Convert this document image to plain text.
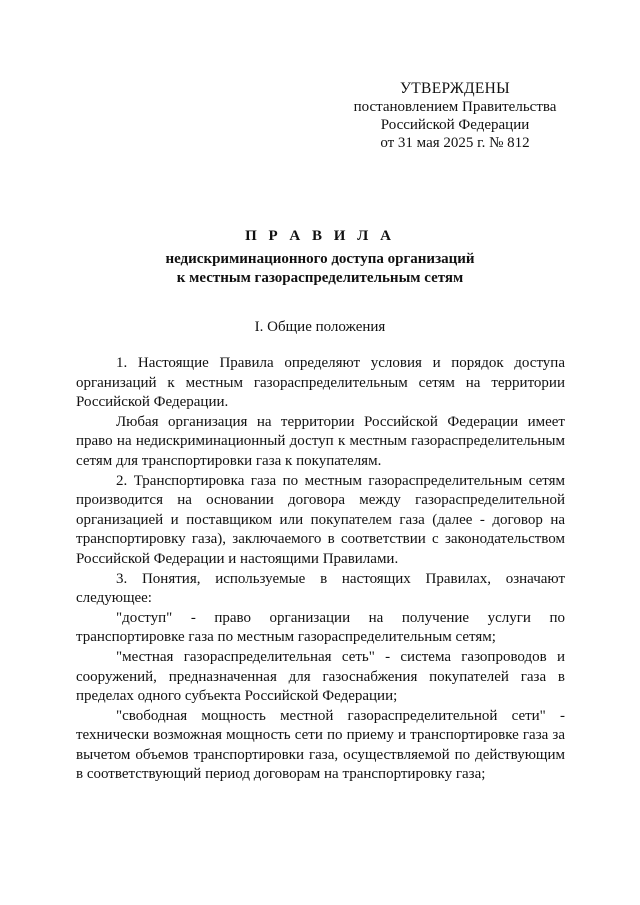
УТВЕРЖДЕНЫ
постановлением Правительства
Российской Федерации
от 31 мая 2025 г. № 812
П Р А В И Л А
недискриминационного доступа организаций
к местным газораспределительным сетям
I. Общие положения

1. Настоящие Правила определяют условия и порядок доступа организаций к местным газораспределительным сетям на территории Российской Федерации.

Любая организация на территории Российской Федерации имеет право на недискриминационный доступ к местным газораспределительным сетям для транспортировки газа к покупателям.

2. Транспортировка газа по местным газораспределительным сетям производится на основании договора между газораспределительной организацией и поставщиком или покупателем газа (далее - договор на транспортировку газа), заключаемого в соответствии с законодательством Российской Федерации и настоящими Правилами.

3. Понятия, используемые в настоящих Правилах, означают следующее:

"доступ" - право организации на получение услуги по транспортировке газа по местным газораспределительным сетям;

"местная газораспределительная сеть" - система газопроводов и сооружений, предназначенная для газоснабжения покупателей газа в пределах одного субъекта Российской Федерации;

"свободная мощность местной газораспределительной сети" - технически возможная мощность сети по приему и транспортировке газа за вычетом объемов транспортировки газа, осуществляемой по действующим в соответствующий период договорам на транспортировку газа;
